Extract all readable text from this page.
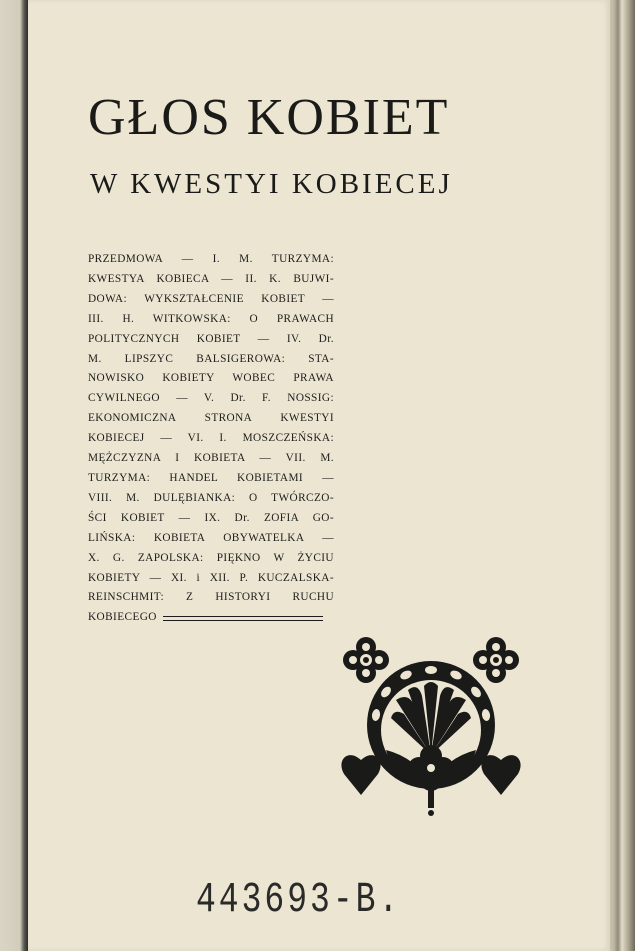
GŁOS KOBIET
W KWESTYI KOBIECEJ
PRZEDMOWA — I. M. TURZYMA:
KWESTYA KOBIECA — II. K. BUJWI-
DOWA: WYKSZTAŁCENIE KOBIET —
III. H. WITKOWSKA: O PRAWACH
POLITYCZNYCH KOBIET — IV. Dr.
M. LIPSZYC BALSIGEROWA: STA-
NOWISKO KOBIETY WOBEC PRAWA
CYWILNEGO — V. Dr. F. NOSSIG:
EKONOMICZNA STRONA KWESTYI
KOBIECEJ — VI. I. MOSZCZEŃSKA:
MĘŻCZYZNA I KOBIETA — VII. M.
TURZYMA: HANDEL KOBIETAMI —
VIII. M. DULĘBIANKA: O TWÓRCZO-
ŚCI KOBIET — IX. Dr. ZOFIA GO-
LIŃSKA: KOBIETA OBYWATELKA —
X. G. ZAPOLSKA: PIĘKNO W ŻYCIU
KOBIETY — XI. i XII. P. KUCZALSKA-
REINSCHMIT: Z HISTORYI RUCHU
KOBIECEGO
443693-B.
